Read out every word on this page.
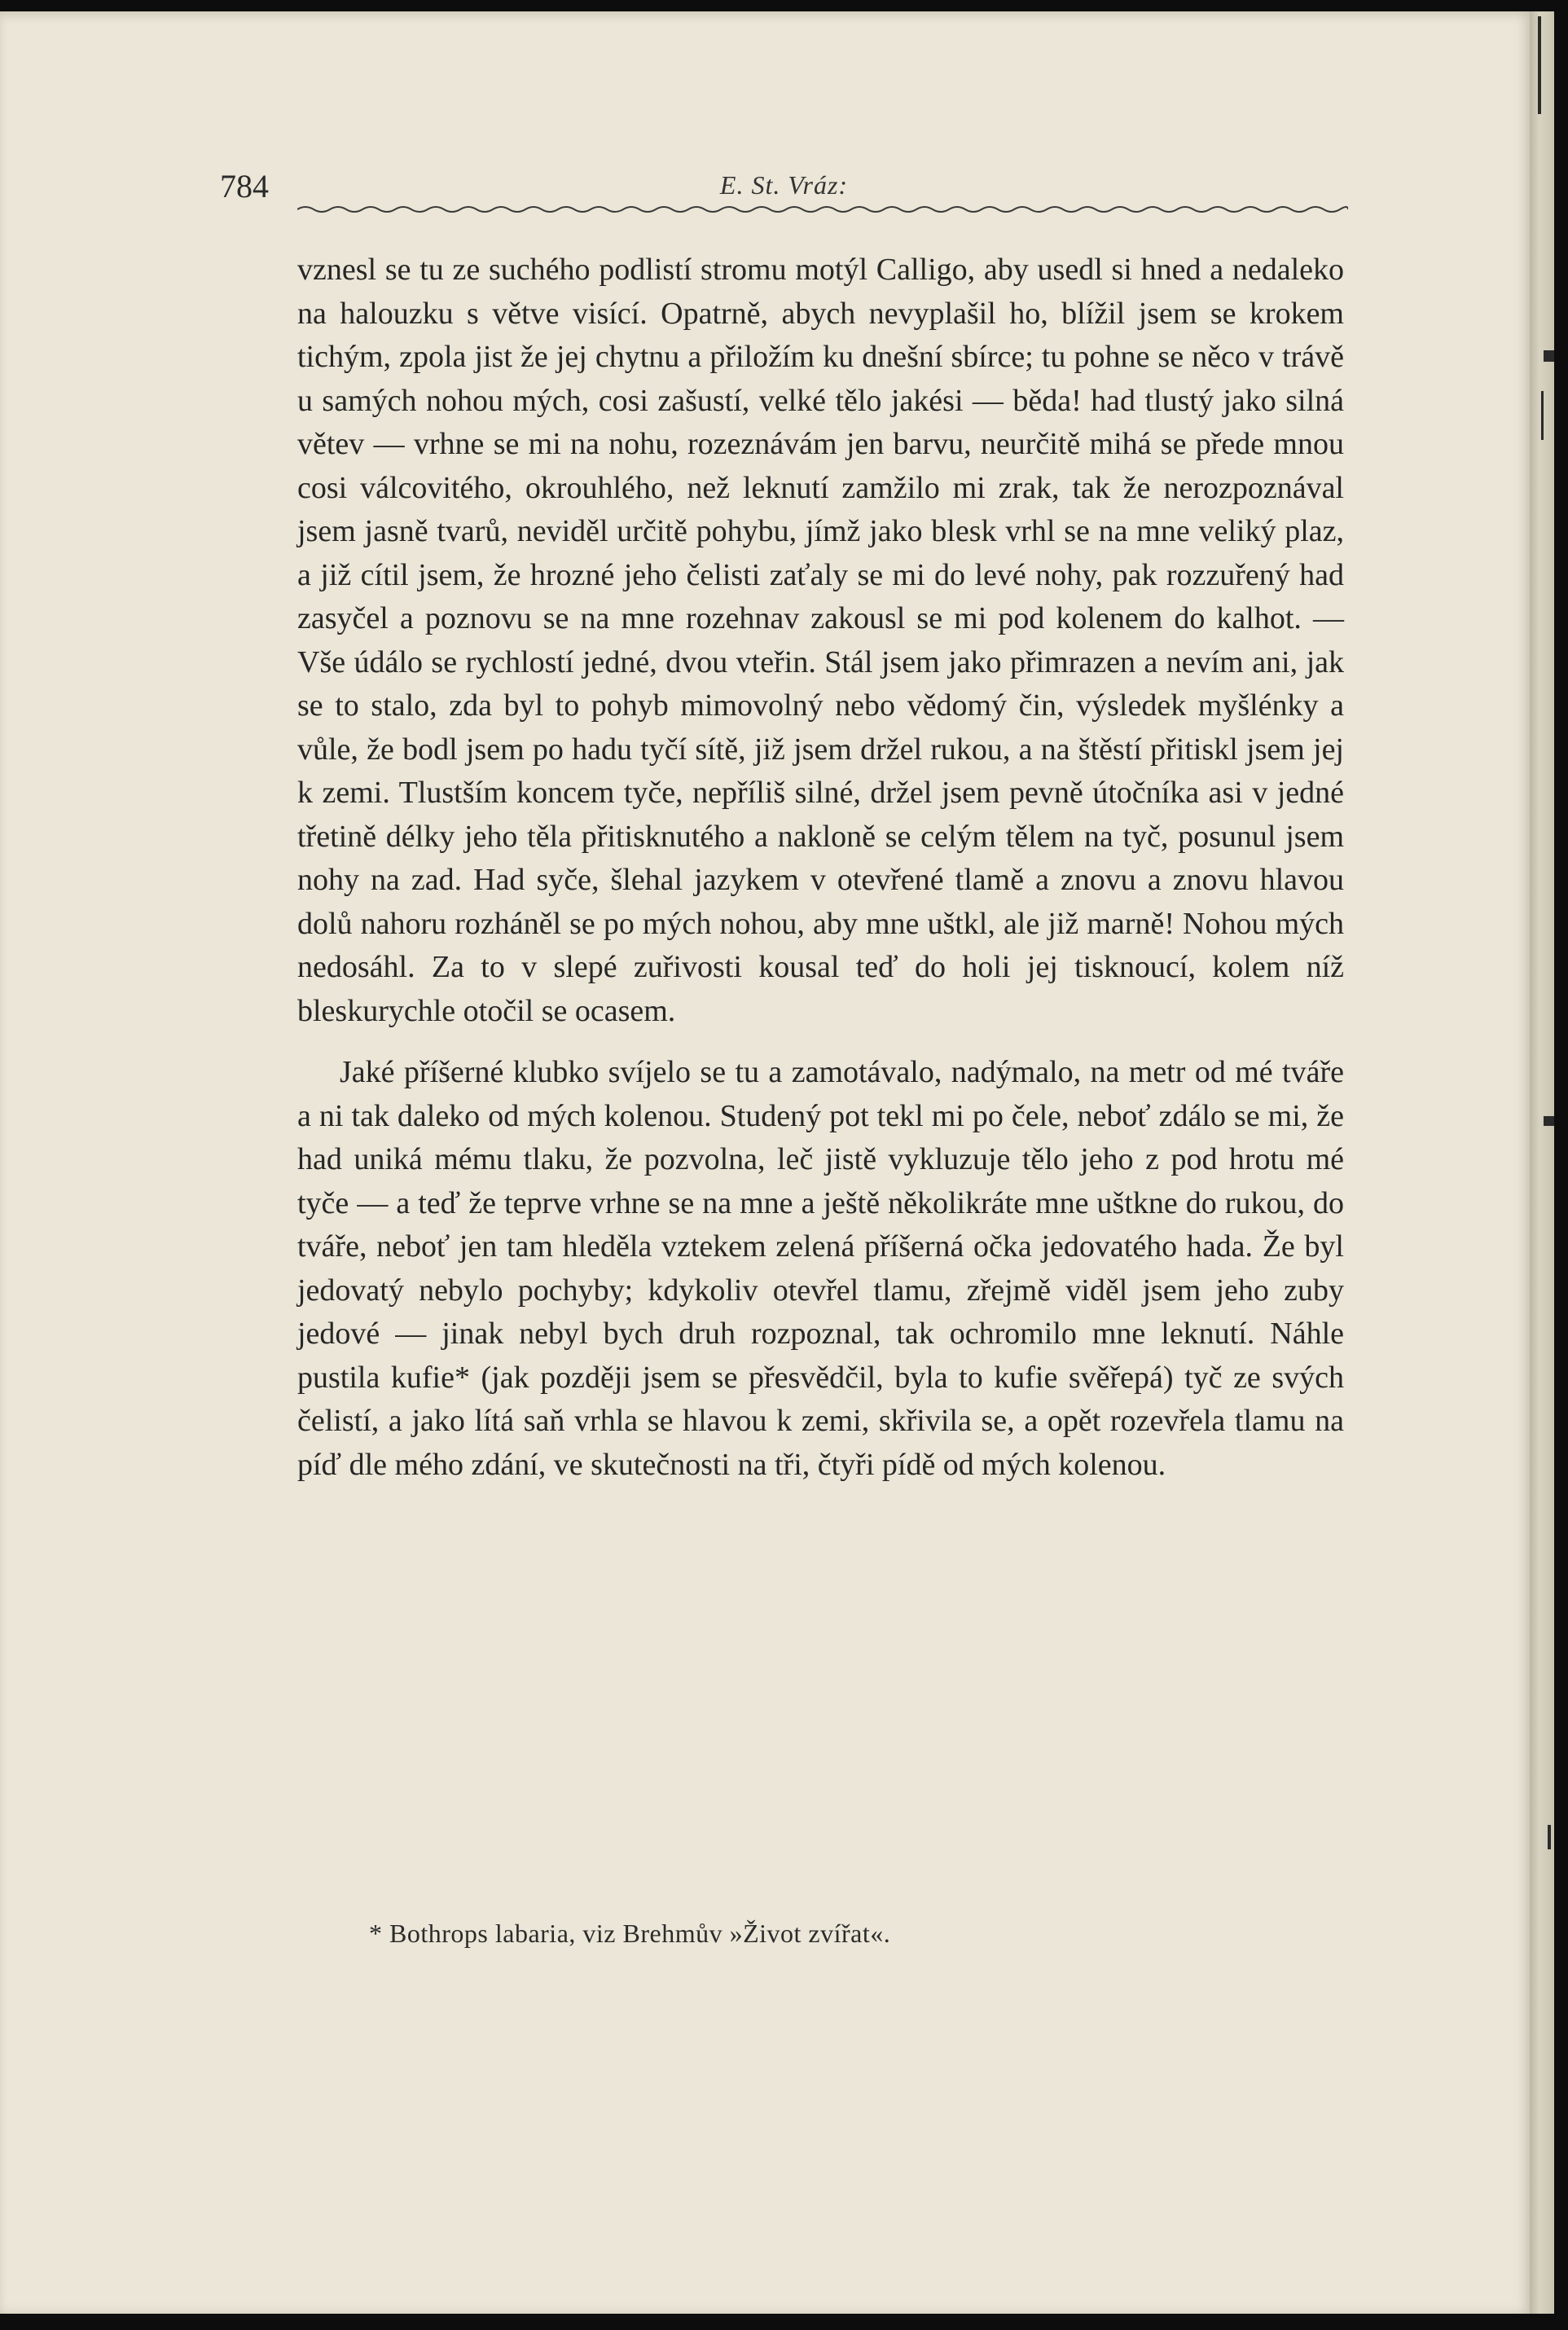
784	E. St. Vráz:

vznesl se tu ze suchého podlistí stromu motýl Calligo, aby usedl si hned a nedaleko na halouzku s větve visící. Opatrně, abych nevyplašil ho, blížil jsem se krokem tichým, zpola jist že jej chytnu a přiložím ku dnešní sbírce; tu pohne se něco v trávě u samých nohou mých, cosi zašustí, velké tělo jakési — běda! had tlustý jako silná větev — vrhne se mi na nohu, rozeznávám jen barvu, neurčitě mihá se přede mnou cosi válcovitého, okrouhlého, než leknutí zamžilo mi zrak, tak že nerozpoznával jsem jasně tvarů, neviděl určitě pohybu, jímž jako blesk vrhl se na mne veliký plaz, a již cítil jsem, že hrozné jeho čelisti zaťaly se mi do levé nohy, pak rozzuřený had zasyčel a poznovu se na mne rozehnav zakousl se mi pod kolenem do kalhot. — Vše údálo se rychlostí jedné, dvou vteřin. Stál jsem jako přimrazen a nevím ani, jak se to stalo, zda byl to pohyb mimovolný nebo vědomý čin, výsledek myšlénky a vůle, že bodl jsem po hadu tyčí sítě, již jsem držel rukou, a na štěstí přitiskl jsem jej k zemi. Tlustším koncem tyče, nepříliš silné, držel jsem pevně útočníka asi v jedné třetině délky jeho těla přitisknutého a nakloně se celým tělem na tyč, posunul jsem nohy na zad. Had syče, šlehal jazykem v otevřené tlamě a znovu a znovu hlavou dolů nahoru rozháněl se po mých nohou, aby mne uštkl, ale již marně! Nohou mých nedosáhl. Za to v slepé zuřivosti kousal teď do holi jej tisknoucí, kolem níž bleskurychle otočil se ocasem.

Jaké příšerné klubko svíjelo se tu a zamotávalo, nadýmalo, na metr od mé tváře a ni tak daleko od mých kolenou. Studený pot tekl mi po čele, neboť zdálo se mi, že had uniká mému tlaku, že pozvolna, leč jistě vykluzuje tělo jeho z pod hrotu mé tyče — a teď že teprve vrhne se na mne a ještě několikráte mne uštkne do rukou, do tváře, neboť jen tam hleděla vztekem zelená příšerná očka jedovatého hada. Že byl jedovatý nebylo pochyby; kdykoliv otevřel tlamu, zřejmě viděl jsem jeho zuby jedové — jinak nebyl bych druh rozpoznal, tak ochromilo mne leknutí. Náhle pustila kufie* (jak později jsem se přesvědčil, byla to kufie svěřepá) tyč ze svých čelistí, a jako lítá saň vrhla se hlavou k zemi, skřivila se, a opět rozevřela tlamu na píď dle mého zdání, ve skutečnosti na tři, čtyři pídě od mých kolenou.

* Bothrops labaria, viz Brehmův »Život zvířat«.
